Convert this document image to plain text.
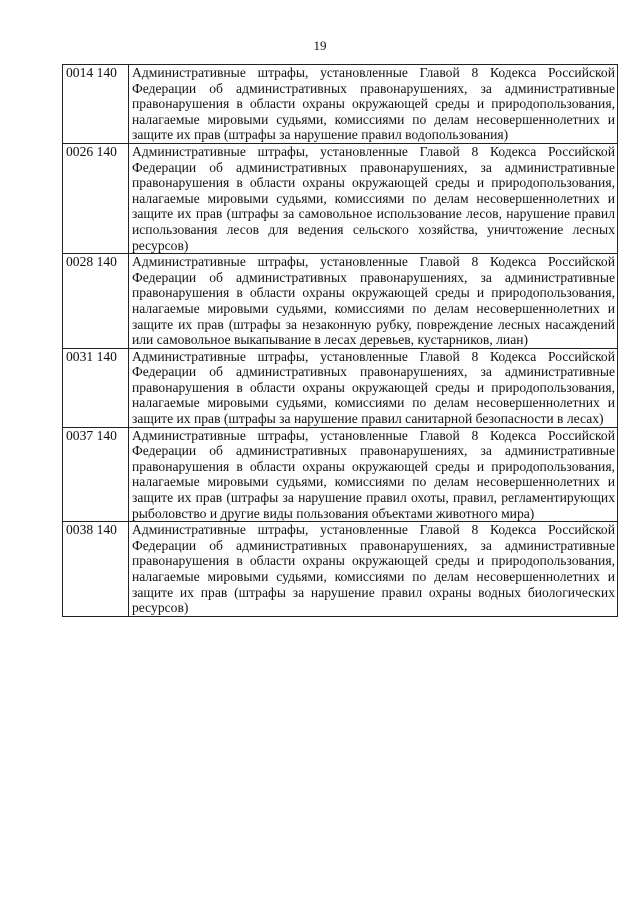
19
0014 140	Административные штрафы, установленные Главой 8 Кодекса Российской Федерации об административных правонарушениях, за административные правонарушения в области охраны окружающей среды и природопользования, налагаемые мировыми судьями, комиссиями по делам несовершеннолетних и защите их прав (штрафы за нарушение правил водопользования)
0026 140	Административные штрафы, установленные Главой 8 Кодекса Российской Федерации об административных правонарушениях, за административные правонарушения в области охраны окружающей среды и природопользования, налагаемые мировыми судьями, комиссиями по делам несовершеннолетних и защите их прав (штрафы за самовольное использование лесов, нарушение правил использования лесов для ведения сельского хозяйства, уничтожение лесных ресурсов)
0028 140	Административные штрафы, установленные Главой 8 Кодекса Российской Федерации об административных правонарушениях, за административные правонарушения в области охраны окружающей среды и природопользования, налагаемые мировыми судьями, комиссиями по делам несовершеннолетних и защите их прав (штрафы за незаконную рубку, повреждение лесных насаждений или самовольное выкапывание в лесах деревьев, кустарников, лиан)
0031 140	Административные штрафы, установленные Главой 8 Кодекса Российской Федерации об административных правонарушениях, за административные правонарушения в области охраны окружающей среды и природопользования, налагаемые мировыми судьями, комиссиями по делам несовершеннолетних и защите их прав (штрафы за нарушение правил санитарной безопасности в лесах)
0037 140	Административные штрафы, установленные Главой 8 Кодекса Российской Федерации об административных правонарушениях, за административные правонарушения в области охраны окружающей среды и природопользования, налагаемые мировыми судьями, комиссиями по делам несовершеннолетних и защите их прав (штрафы за нарушение правил охоты, правил, регламентирующих рыболовство и другие виды пользования объектами животного мира)
0038 140	Административные штрафы, установленные Главой 8 Кодекса Российской Федерации об административных правонарушениях, за административные правонарушения в области охраны окружающей среды и природопользования, налагаемые мировыми судьями, комиссиями по делам несовершеннолетних и защите их прав (штрафы за нарушение правил охраны водных биологических ресурсов)
